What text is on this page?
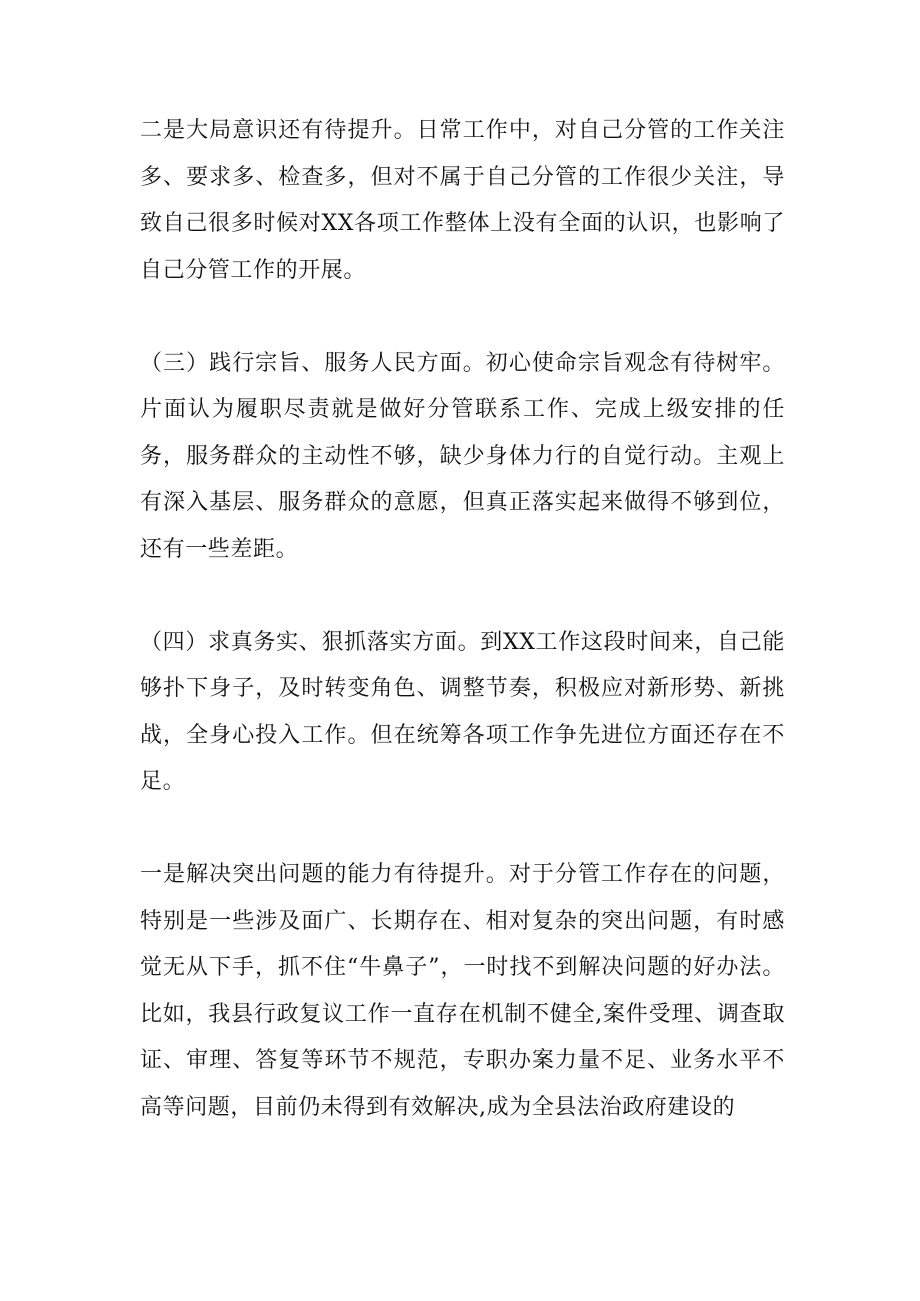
二是大局意识还有待提升。日常工作中，对自己分管的工作关注多、要求多、检查多，但对不属于自己分管的工作很少关注，导致自己很多时候对XX各项工作整体上没有全面的认识，也影响了自己分管工作的开展。

（三）践行宗旨、服务人民方面。初心使命宗旨观念有待树牢。片面认为履职尽责就是做好分管联系工作、完成上级安排的任务，服务群众的主动性不够，缺少身体力行的自觉行动。主观上有深入基层、服务群众的意愿，但真正落实起来做得不够到位，还有一些差距。

（四）求真务实、狠抓落实方面。到XX工作这段时间来，自己能够扑下身子，及时转变角色、调整节奏，积极应对新形势、新挑战，全身心投入工作。但在统筹各项工作争先进位方面还存在不足。

一是解决突出问题的能力有待提升。对于分管工作存在的问题，特别是一些涉及面广、长期存在、相对复杂的突出问题，有时感觉无从下手，抓不住“牛鼻子”，一时找不到解决问题的好办法。比如，我县行政复议工作一直存在机制不健全,案件受理、调查取证、审理、答复等环节不规范，专职办案力量不足、业务水平不高等问题，目前仍未得到有效解决,成为全县法治政府建设的
